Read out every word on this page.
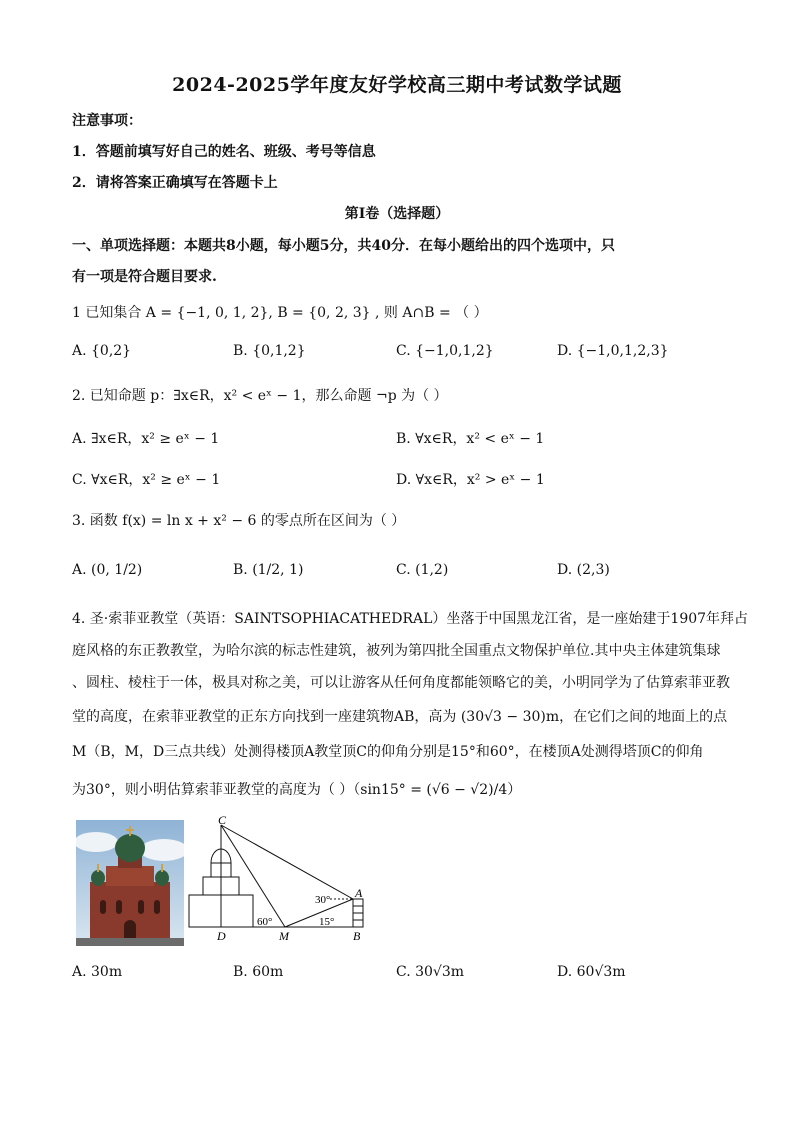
2024-2025学年度友好学校高三期中考试数学试题
注意事项：
1．答题前填写好自己的姓名、班级、考号等信息
2．请将答案正确填写在答题卡上
第I卷（选择题）
一、单项选择题：本题共8小题，每小题5分，共40分．在每小题给出的四个选项中，只
有一项是符合题目要求.
1 已知集合 A = {−1, 0, 1, 2}, B = {0, 2, 3} , 则 A∩B = （ ）
A. {0,2}	B. {0,1,2}	C. {−1,0,1,2}	D. {−1,0,1,2,3}
2. 已知命题 p：∃x∈R，x² < eˣ − 1，那么命题 ¬p 为（ ）
A. ∃x∈R，x² ≥ eˣ − 1	B. ∀x∈R，x² < eˣ − 1
C. ∀x∈R，x² ≥ eˣ − 1	D. ∀x∈R，x² > eˣ − 1
3. 函数 f(x) = ln x + x² − 6 的零点所在区间为（ ）
A. (0, 1/2)	B. (1/2, 1)	C. (1,2)	D. (2,3)
4. 圣·索菲亚教堂（英语：SAINTSOPHIACATHEDRAL）坐落于中国黑龙江省，是一座始建于1907年拜占
庭风格的东正教教堂，为哈尔滨的标志性建筑，被列为第四批全国重点文物保护单位.其中央主体建筑集球
、圆柱、棱柱于一体，极具对称之美，可以让游客从任何角度都能领略它的美，小明同学为了估算索菲亚教
堂的高度，在索菲亚教堂的正东方向找到一座建筑物AB，高为 (30√3 − 30)m，在它们之间的地面上的点
M（B，M，D三点共线）处测得楼顶A教堂顶C的仰角分别是15°和60°，在楼顶A处测得塔顶C的仰角
为30°，则小明估算索菲亚教堂的高度为（ ）（sin15° = (√6 − √2)/4）
C
A
D	M	B
60°
30°
15°
A. 30m	B. 60m	C. 30√3m	D. 60√3m
